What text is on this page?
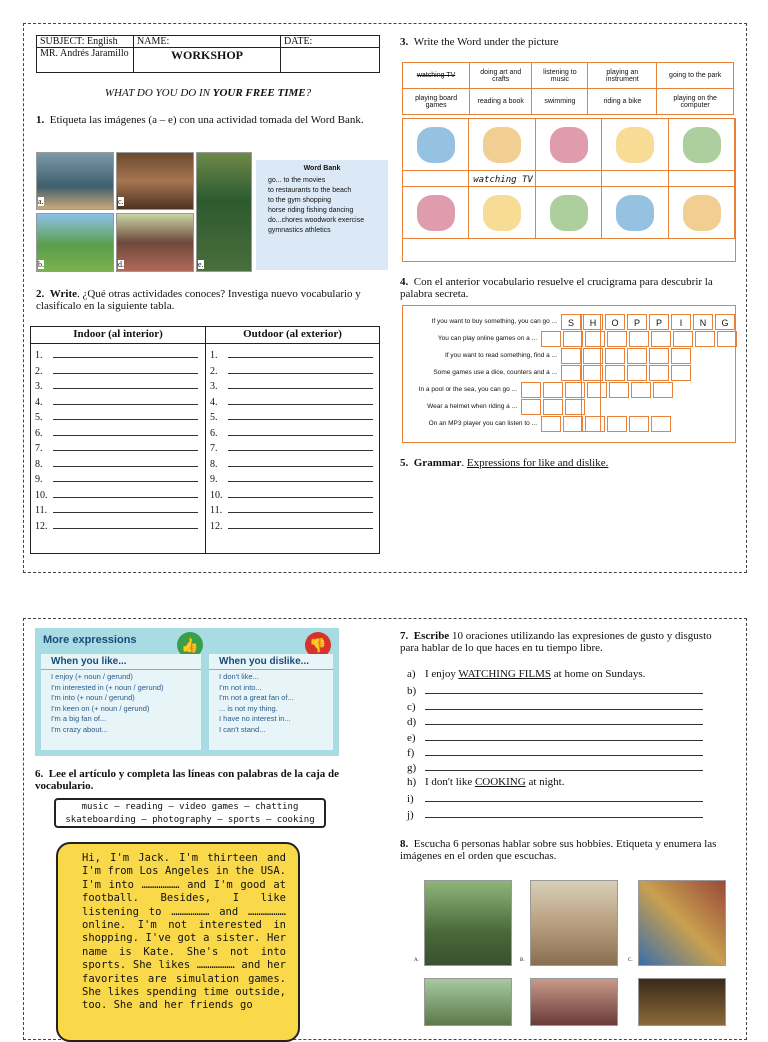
SUBJECT: English	NAME:	DATE:
MR. Andrés Jaramillo	WORKSHOP	
WHAT DO YOU DO IN YOUR FREE TIME?
1. Etiqueta las imágenes (a – e) con una actividad tomada del Word Bank.
a.
b.
c.
d.	e.
Word Bank
go... to the movies
to restaurants to the beach
to the gym shopping
horse riding fishing dancing
do...chores woodwork exercise
gymnastics athletics
2. Write. ¿Qué otras actividades conoces? Investiga nuevo vocabulario y clasifícalo en la siguiente tabla.
Indoor (al interior)	Outdoor (al exterior)
1.	1.
2.	2.
3.	3.
4.	4.
5.	5.
6.	6.
7.	7.
8.	8.
9.	9.
10.	10.
11.	11.
12.	12.
3. Write the Word under the picture
watching TV	doing art and crafts	listening to music	playing an instrument	going to the park
playing board games	reading a book	swimming	riding a bike	playing on the computer
watching TV
4. Con el anterior vocabulario resuelve el crucigrama para descubrir la palabra secreta.
If you want to buy something, you can go ...	S	H	O	P	P	I	N	G
You can play online games on a ...
If you want to read something, find a ...
Some games use a dice, counters and a ...
In a pool or the sea, you can go ...
Wear a helmet when riding a ...
On an MP3 player you can listen to ...
5. Grammar. Expressions for like and dislike.
More expressions	👍	👎
When you like...
I enjoy (+ noun / gerund)
I'm interested in (+ noun / gerund)
I'm into (+ noun / gerund)
I'm keen on (+ noun / gerund)
I'm a big fan of...
I'm crazy about...
When you dislike...
I don't like...
I'm not into...
I'm not a great fan of...
... is not my thing.
I have no interest in...
I can't stand...
6. Lee el artículo y completa las líneas con palabras de la caja de vocabulario.
music – reading – video games – chatting
skateboarding – photography – sports – cooking
Hi, I'm Jack. I'm thirteen and I'm from Los Angeles in the USA. I'm into ……………… and I'm good at football. Besides, I like listening to ……………… and ……………… online. I'm not interested in shopping. I've got a sister. Her name is Kate. She's not into sports. She likes ……………… and her favorites are simulation games. She likes spending time outside, too. She and her friends go
7. Escribe 10 oraciones utilizando las expresiones de gusto y disgusto para hablar de lo que haces en tu tiempo libre.
a) I enjoy WATCHING FILMS at home on Sundays.
b)
c)
d)
e)
f)
g)
h) I don't like COOKING at night.
i)
j)
8. Escucha 6 personas hablar sobre sus hobbies. Etiqueta y enumera las imágenes en el orden que escuchas.
A.	B.	C.
